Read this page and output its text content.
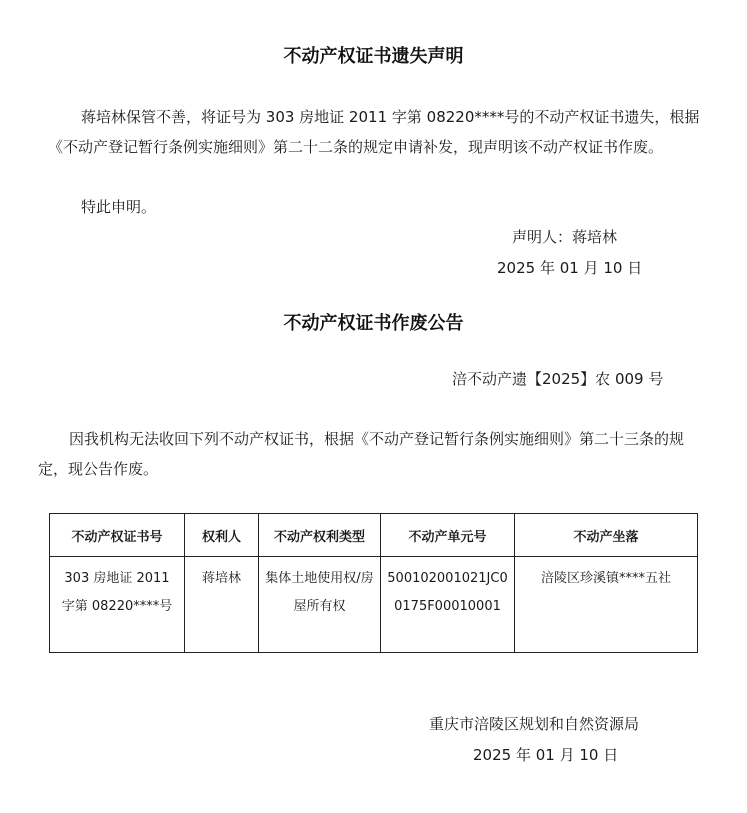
不动产权证书遗失声明
蒋培林保管不善，将证号为 303 房地证 2011 字第 08220****号的不动产权证书遗失，根据《不动产登记暂行条例实施细则》第二十二条的规定申请补发，现声明该不动产权证书作废。
特此申明。
声明人：蒋培林
2025 年 01 月 10 日
不动产权证书作废公告
涪不动产遗【2025】农 009 号
因我机构无法收回下列不动产权证书，根据《不动产登记暂行条例实施细则》第二十三条的规定，现公告作废。
不动产权证书号	权利人	不动产权利类型	不动产单元号	不动产坐落
303 房地证 2011 字第 08220****号	蒋培林	集体土地使用权/房屋所有权	500102001021JC00175F00010001	涪陵区珍溪镇****五社
重庆市涪陵区规划和自然资源局
2025 年 01 月 10 日
